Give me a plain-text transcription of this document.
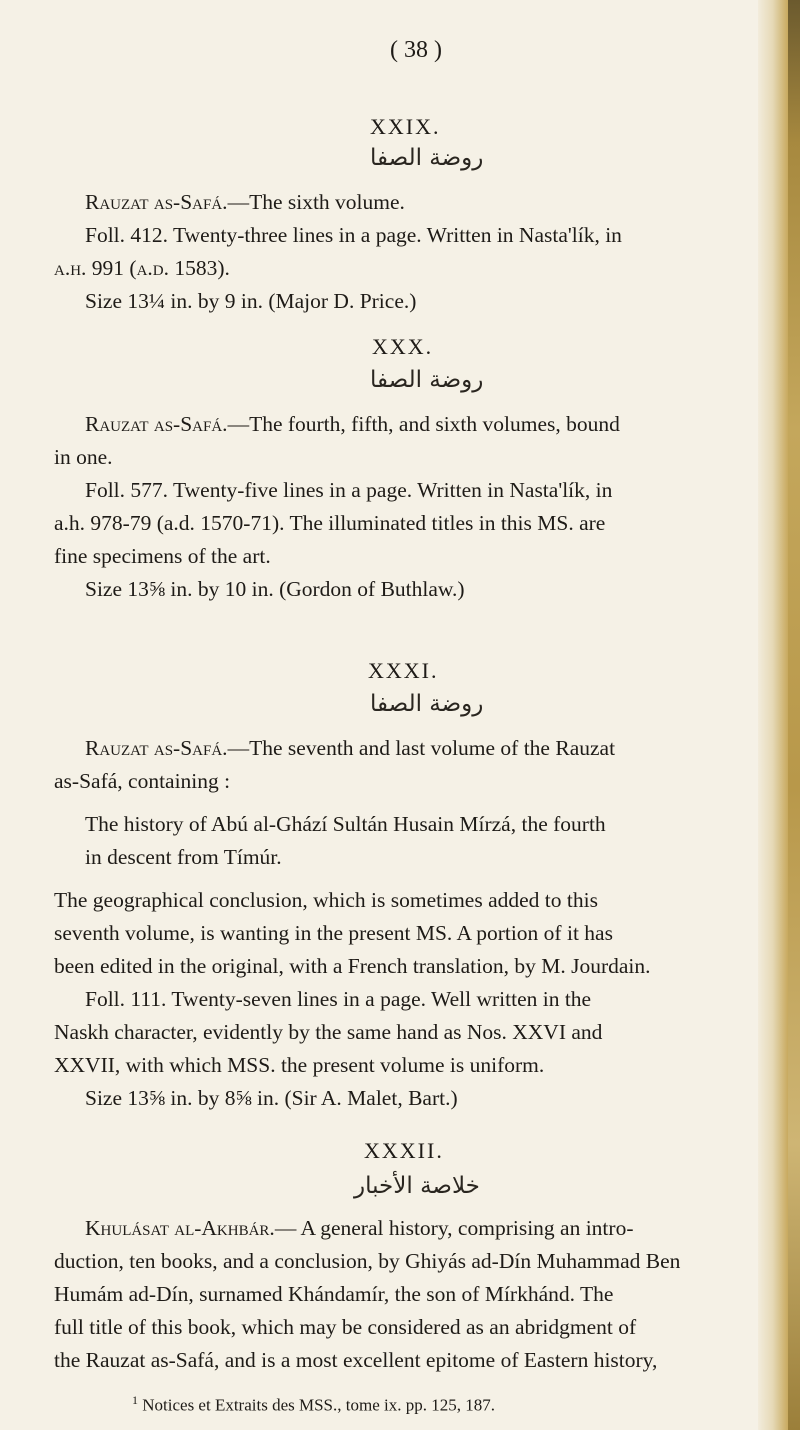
( 38 )
XXIX.
روضة الصفا
Rauzat as-Safá.—The sixth volume.
Foll. 412. Twenty-three lines in a page. Written in Nasta'lík, in
a.h. 991 (a.d. 1583).
Size 13¼ in. by 9 in. (Major D. Price.)
XXX.
روضة الصفا
Rauzat as-Safá.—The fourth, fifth, and sixth volumes, bound
in one.
Foll. 577. Twenty-five lines in a page. Written in Nasta'lík, in
a.h. 978-79 (a.d. 1570-71). The illuminated titles in this MS. are
fine specimens of the art.
Size 13⅝ in. by 10 in. (Gordon of Buthlaw.)
XXXI.
روضة الصفا
Rauzat as-Safá.—The seventh and last volume of the Rauzat
as-Safá, containing :
The history of Abú al-Ghází Sultán Husain Mírzá, the fourth
in descent from Tímúr.
The geographical conclusion, which is sometimes added to this
seventh volume, is wanting in the present MS. A portion of it has
been edited in the original, with a French translation, by M. Jourdain.
Foll. 111. Twenty-seven lines in a page. Well written in the
Naskh character, evidently by the same hand as Nos. XXVI and
XXVII, with which MSS. the present volume is uniform.
Size 13⅝ in. by 8⅝ in. (Sir A. Malet, Bart.)
XXXII.
خلاصة الأخبار
Khulásat al-Akhbár.— A general history, comprising an intro-
duction, ten books, and a conclusion, by Ghiyás ad-Dín Muhammad Ben
Humám ad-Dín, surnamed Khándamír, the son of Mírkhánd. The
full title of this book, which may be considered as an abridgment of
the Rauzat as-Safá, and is a most excellent epitome of Eastern history,
$^1$ Notices et Extraits des MSS., tome ix. pp. 125, 187.
